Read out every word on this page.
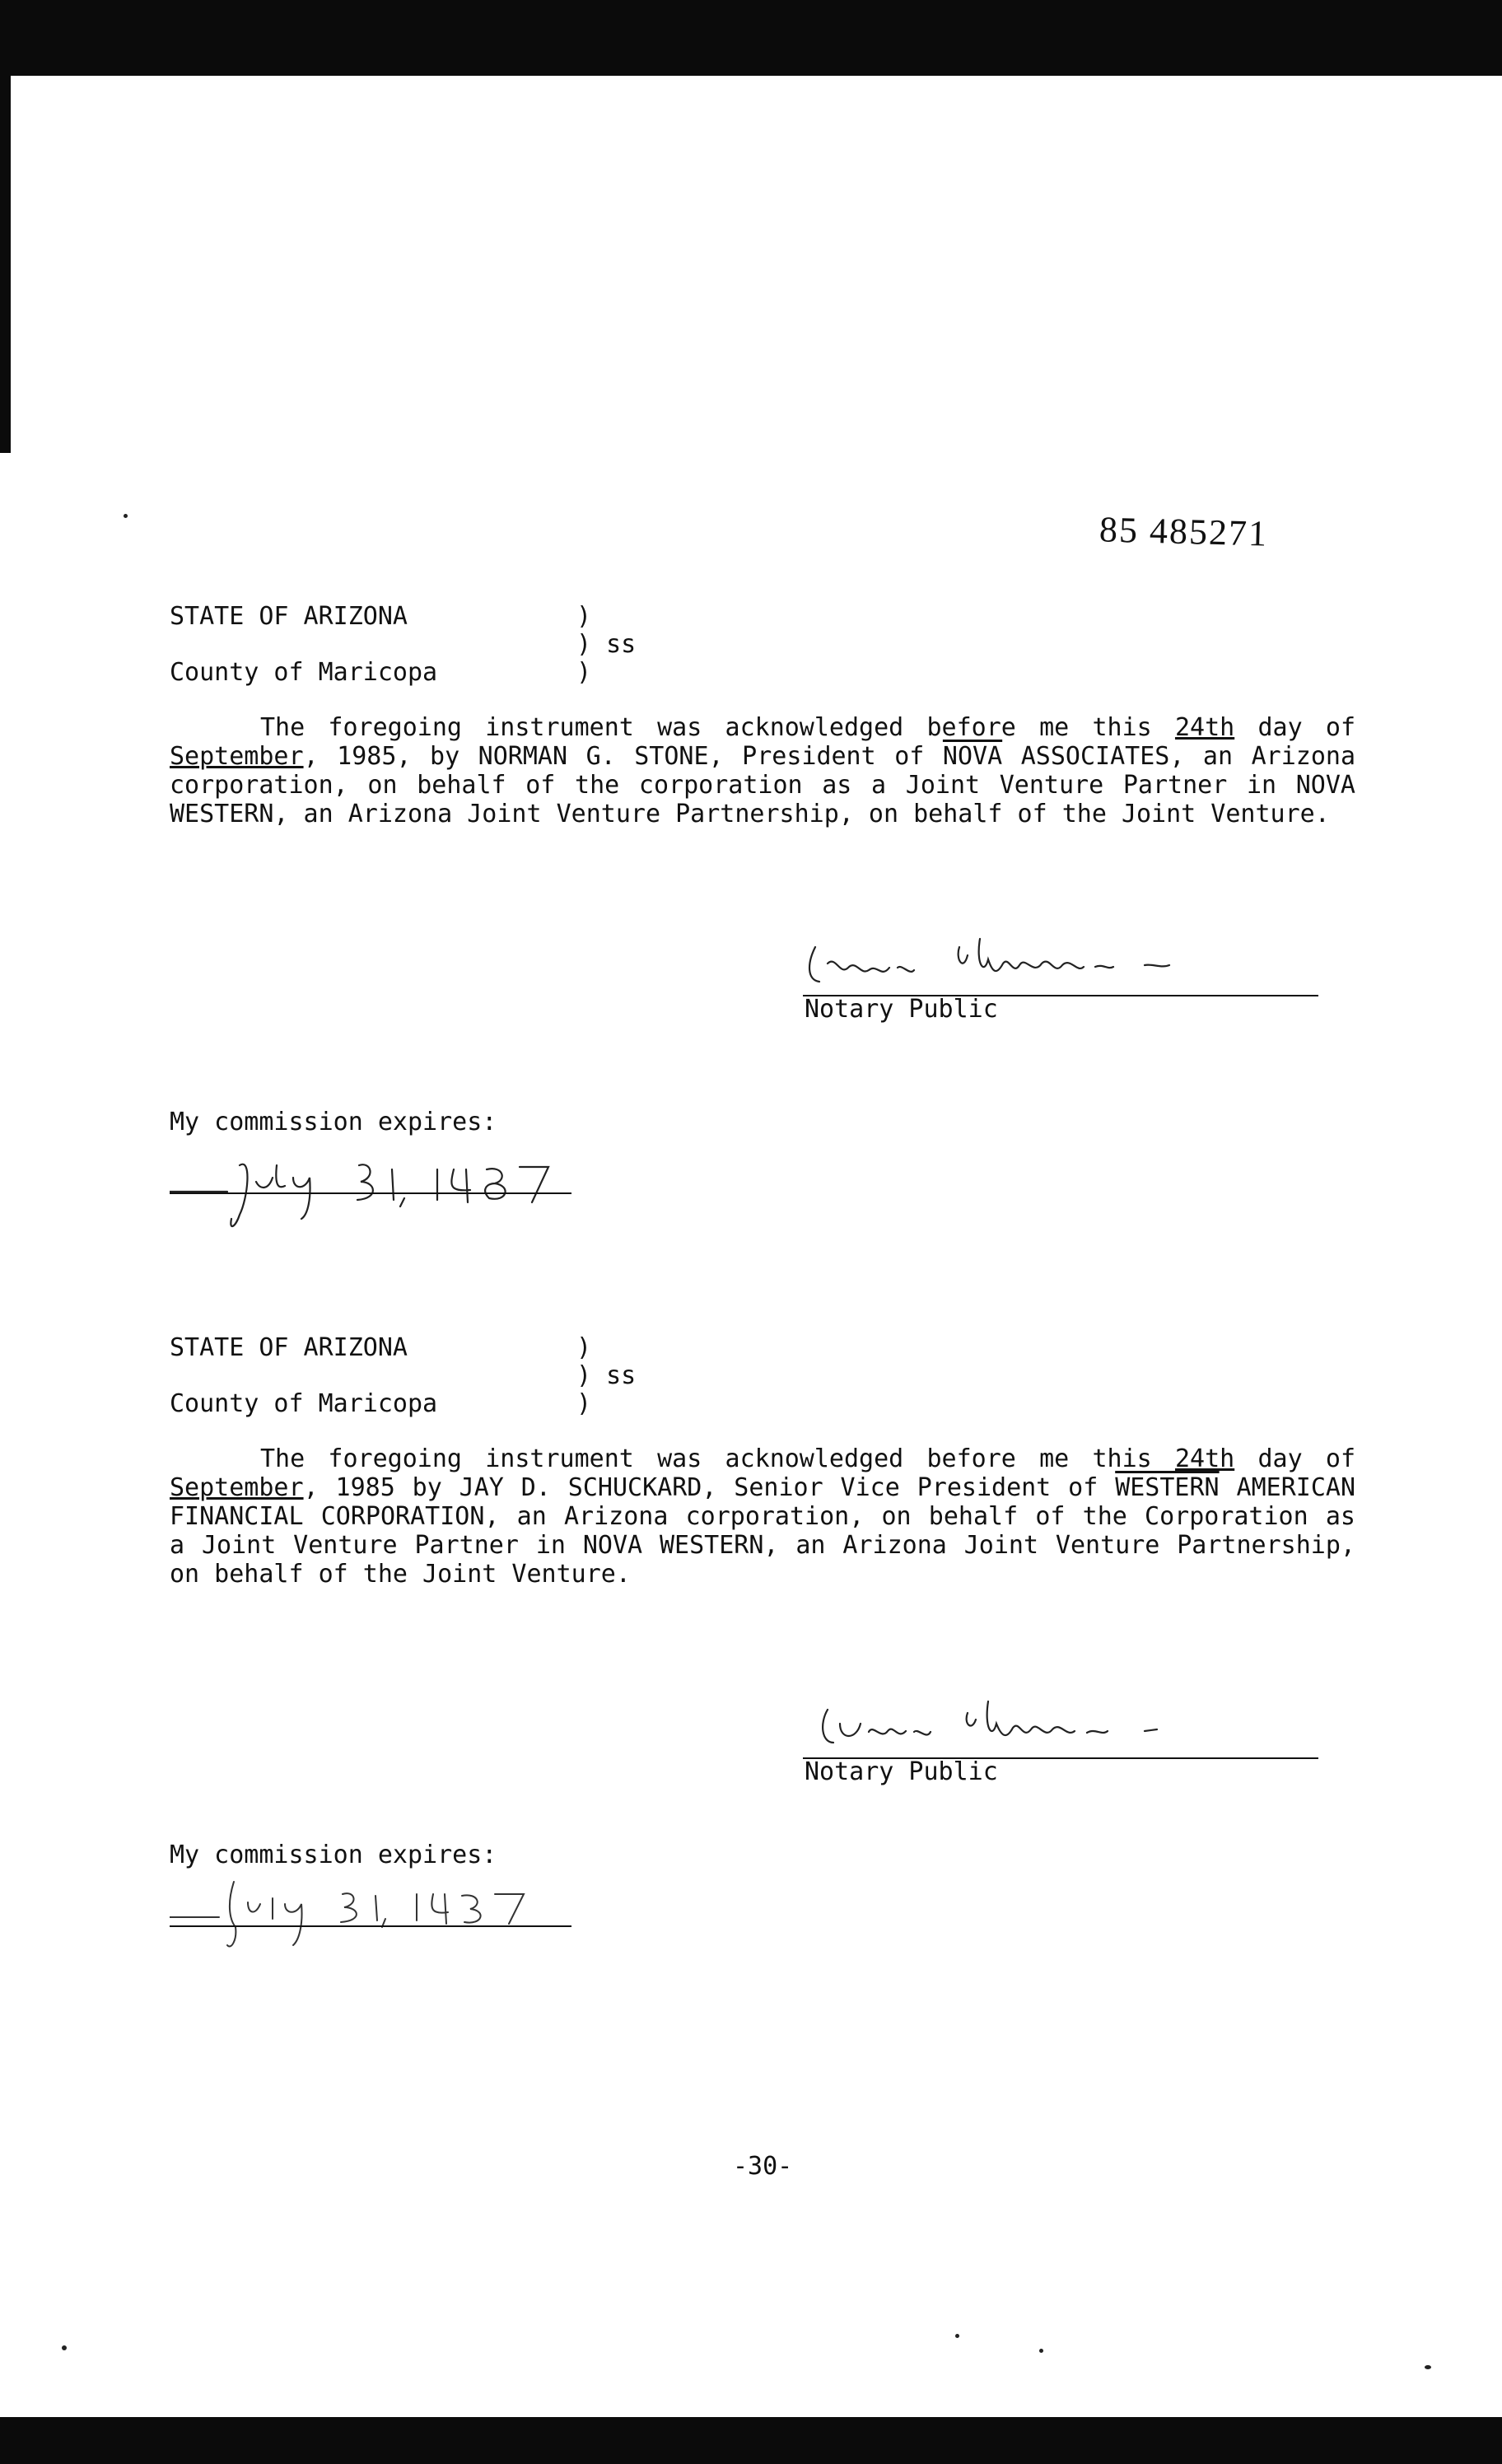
85 485271
STATE OF ARIZONA	)
) ss
County of Maricopa	)
The foregoing instrument was acknowledged before me this 24th day of September, 1985, by NORMAN G. STONE, President of NOVA ASSOCIATES, an Arizona corporation, on behalf of the corporation as a Joint Venture Partner in NOVA WESTERN, an Arizona Joint Venture Partnership, on behalf of the Joint Venture.
Notary Public
My commission expires:
STATE OF ARIZONA	)
) ss
County of Maricopa	)
The foregoing instrument was acknowledged before me this 24th day of September, 1985 by JAY D. SCHUCKARD, Senior Vice President of WESTERN AMERICAN FINANCIAL CORPORATION, an Arizona corporation, on behalf of the Corporation as a Joint Venture Partner in NOVA WESTERN, an Arizona Joint Venture Partnership, on behalf of the Joint Venture.
Notary Public
My commission expires:
-30-
